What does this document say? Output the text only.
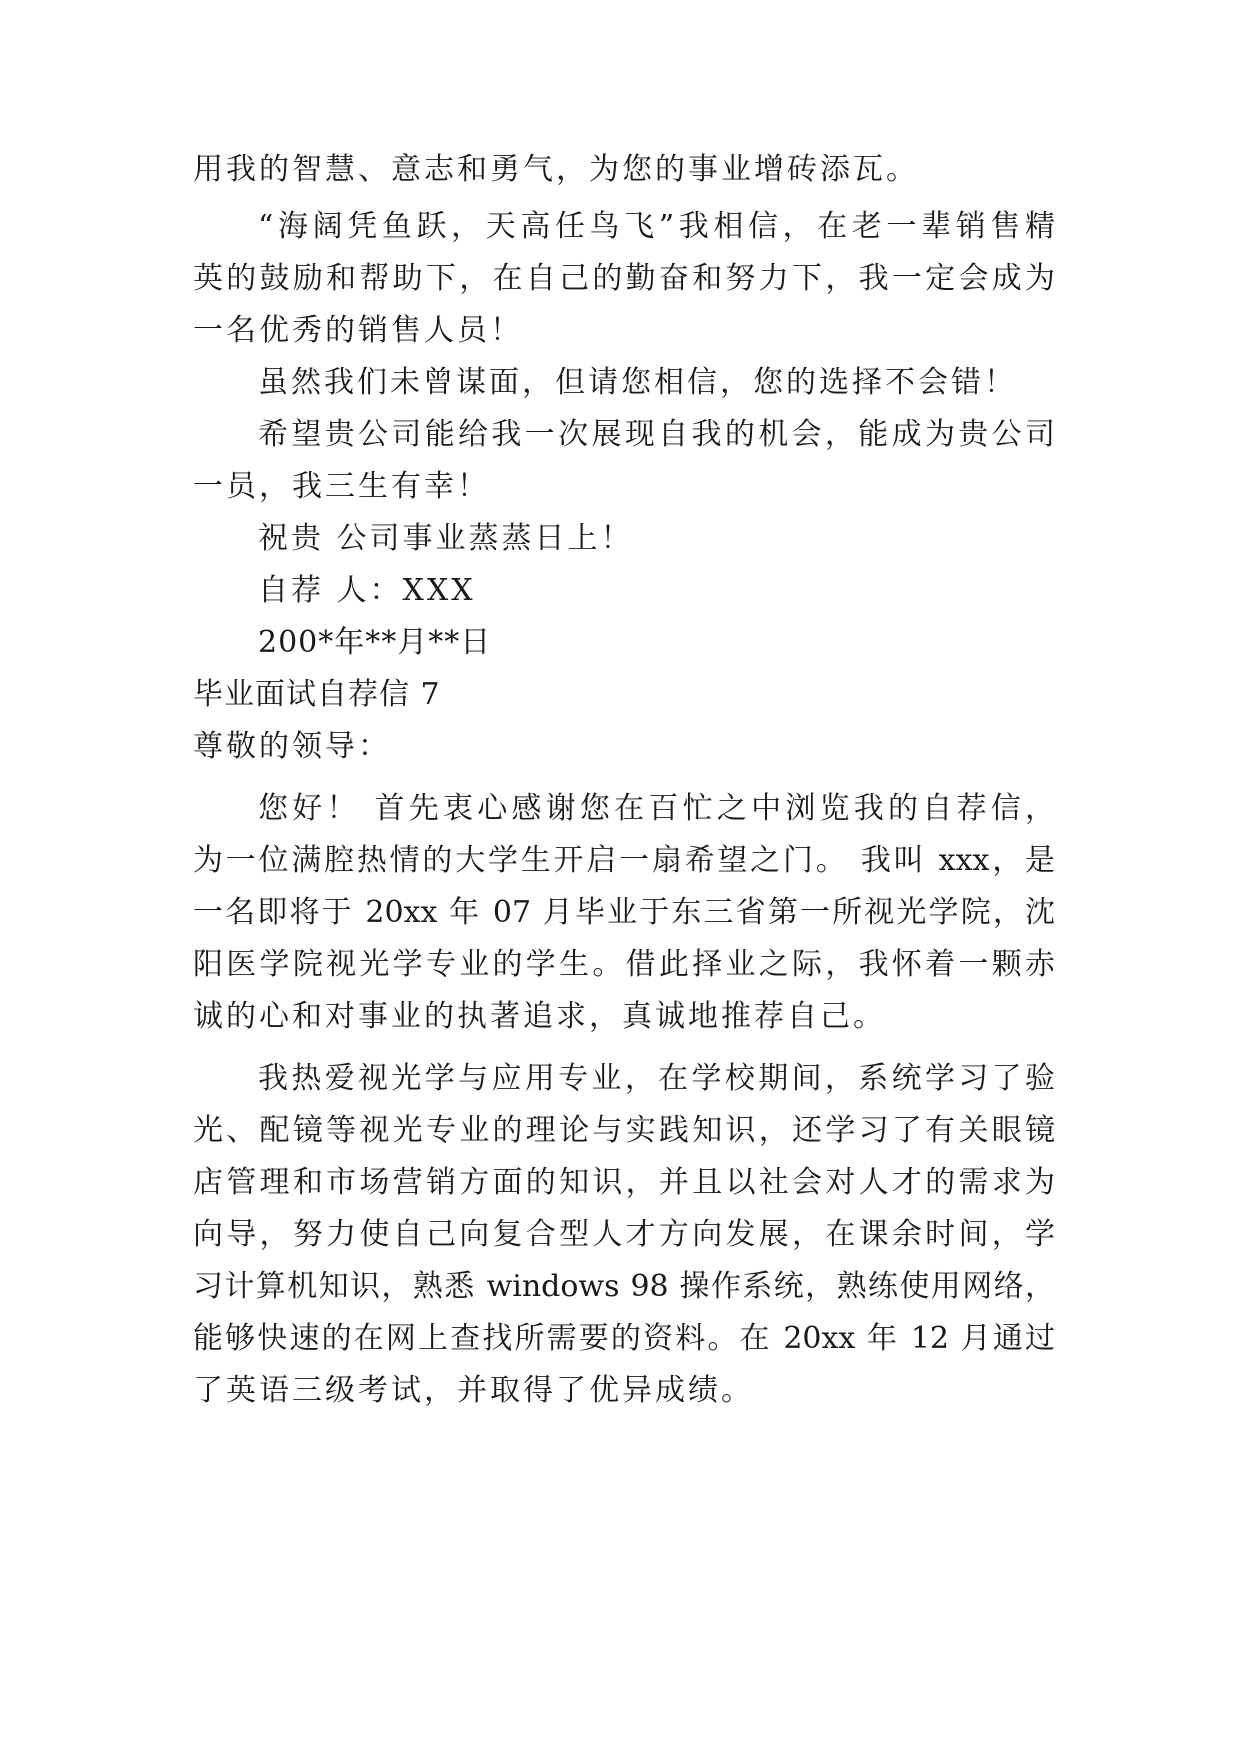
用我的智慧、意志和勇气，为您的事业增砖添瓦。
“海阔凭鱼跃，天高任鸟飞”我相信，在老一辈销售精
英的鼓励和帮助下，在自己的勤奋和努力下，我一定会成为
一名优秀的销售人员！
虽然我们未曾谋面，但请您相信，您的选择不会错！
希望贵公司能给我一次展现自我的机会，能成为贵公司
一员，我三生有幸！
祝贵 公司事业蒸蒸日上！
自荐 人：XXX
200*年**月**日
毕业面试自荐信 7
尊敬的领导：
您好！ 首先衷心感谢您在百忙之中浏览我的自荐信，
为一位满腔热情的大学生开启一扇希望之门。 我叫 xxx，是
一名即将于 20xx 年 07 月毕业于东三省第一所视光学院，沈
阳医学院视光学专业的学生。借此择业之际，我怀着一颗赤
诚的心和对事业的执著追求，真诚地推荐自己。
我热爱视光学与应用专业，在学校期间，系统学习了验
光、配镜等视光专业的理论与实践知识，还学习了有关眼镜
店管理和市场营销方面的知识，并且以社会对人才的需求为
向导，努力使自己向复合型人才方向发展，在课余时间，学
习计算机知识，熟悉 windows 98 操作系统，熟练使用网络，
能够快速的在网上查找所需要的资料。在 20xx 年 12 月通过
了英语三级考试，并取得了优异成绩。
